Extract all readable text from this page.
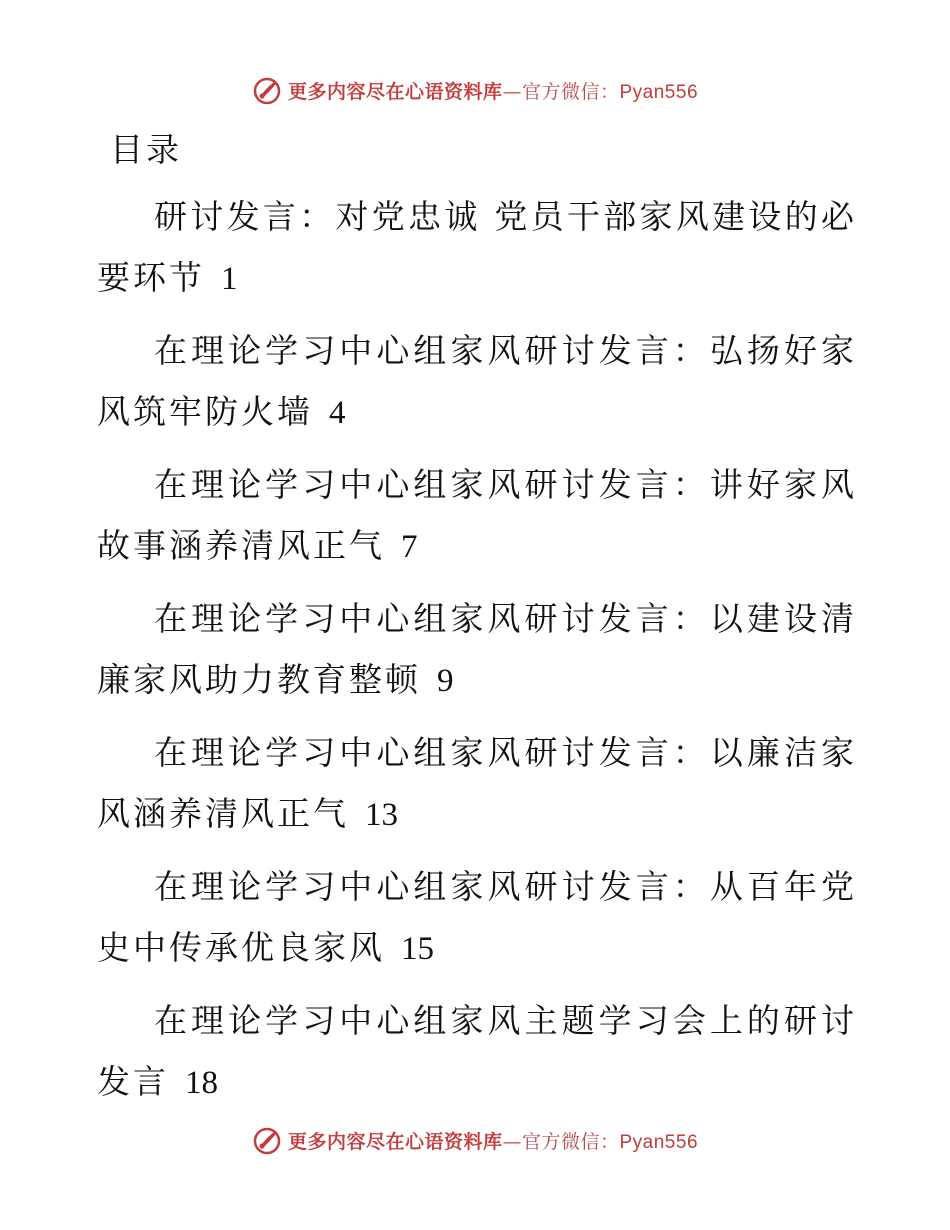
更多内容尽在心语资料库—官方微信：Pyan556
目录
研讨发言：对党忠诚 党员干部家风建设的必要环节 1
在理论学习中心组家风研讨发言：弘扬好家风筑牢防火墙 4
在理论学习中心组家风研讨发言：讲好家风故事涵养清风正气 7
在理论学习中心组家风研讨发言：以建设清廉家风助力教育整顿 9
在理论学习中心组家风研讨发言：以廉洁家风涵养清风正气 13
在理论学习中心组家风研讨发言：从百年党史中传承优良家风 15
在理论学习中心组家风主题学习会上的研讨发言 18
更多内容尽在心语资料库—官方微信：Pyan556
